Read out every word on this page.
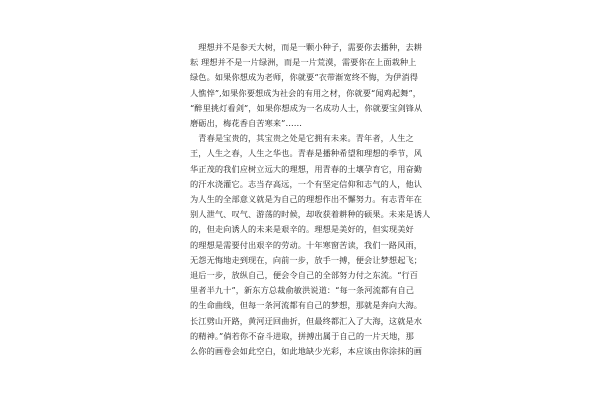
　理想并不是参天大树，而是一颗小种子，需要你去播种，去耕
耘 理想并不是一片绿洲，而是一片荒漠，需要你在上面栽种上
绿色。如果你想成为老师，你就要“衣带渐宽终不悔，为伊消得
人憔悴”,如果你要想成为社会的有用之材，你就要“闻鸡起舞”，
“醉里挑灯看剑”，如果你想成为一名成功人士，你就要宝剑锋从
磨砺出，梅花香自苦寒来”……

　青春是宝贵的，其宝贵之处是它拥有未来。青年者，人生之
王，人生之春，人生之华也。青春是播种希望和理想的季节，风
华正茂的我们应树立远大的理想，用青春的土壤孕育它，用奋勤
的汗水浇灌它。志当存高远，一个有坚定信仰和志气的人，他认
为人生的全部意义就是为自己的理想作出不懈努力。有志青年在
别人泄气、叹气、游荡的时候，却收获着耕种的硕果。未来是诱人
的，但走向诱人的未来是艰辛的。理想是美好的，但实现美好
的理想是需要付出艰辛的劳动。十年寒窗苦读，我们一路风雨，
无怨无悔地走到现在，向前一步，放手一搏，便会让梦想起飞；
退后一步，放纵自己，便会令自己的全部努力付之东流。“行百
里者半九十”，新东方总裁俞敏洪说道：“每一条河流都有自己
的生命曲线，但每一条河流都有自己的梦想，那就是奔向大海。
长江劈山开路，黄河迂回曲折，但最终都汇入了大海，这就是水
的精神。”倘若你不奋斗进取，拼搏出属于自己的一片天地，那
么你的画卷会如此空白，如此地缺少光彩，本应该由你涂抹的画
